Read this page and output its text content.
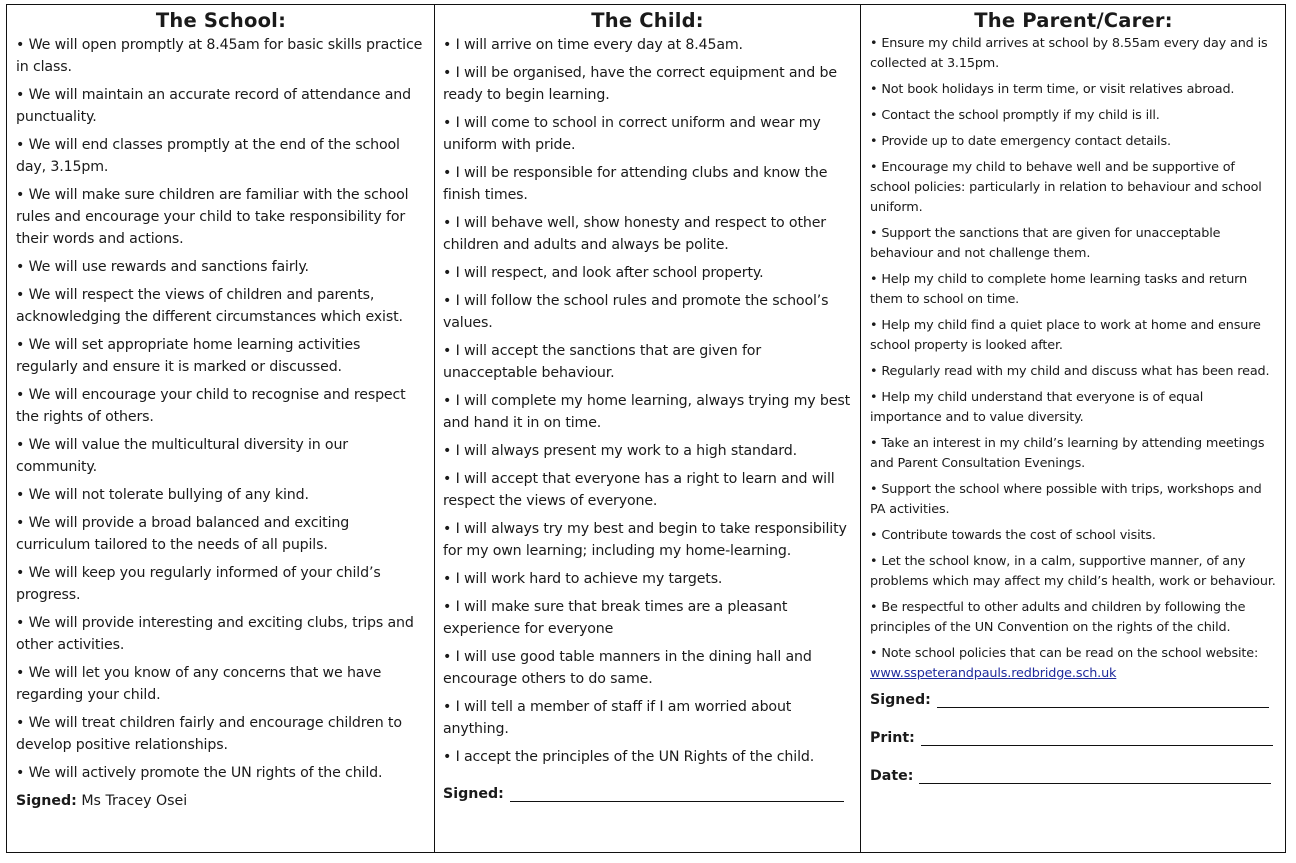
The School:
• We will open promptly at 8.45am for basic skills practice in class.
• We will maintain an accurate record of attendance and punctuality.
• We will end classes promptly at the end of the school day, 3.15pm.
• We will make sure children are familiar with the school rules and encourage your child to take responsibility for their words and actions.
• We will use rewards and sanctions fairly.
• We will respect the views of children and parents, acknowledging the different circumstances which exist.
• We will set appropriate home learning activities regularly and ensure it is marked or discussed.
• We will encourage your child to recognise and respect the rights of others.
• We will value the multicultural diversity in our community.
• We will not tolerate bullying of any kind.
• We will provide a broad balanced and exciting curriculum tailored to the needs of all pupils.
• We will keep you regularly informed of your child’s progress.
• We will provide interesting and exciting clubs, trips and other activities.
• We will let you know of any concerns that we have regarding your child.
• We will treat children fairly and encourage children to develop positive relationships.
• We will actively promote the UN rights of the child.
Signed: Ms Tracey Osei
The Child:
• I will arrive on time every day at 8.45am.
• I will be organised, have the correct equipment and be ready to begin learning.
• I will come to school in correct uniform and wear my uniform with pride.
• I will be responsible for attending clubs and know the finish times.
• I will behave well, show honesty and respect to other children and adults and always be polite.
• I will respect, and look after school property.
• I will follow the school rules and promote the school’s values.
• I will accept the sanctions that are given for unacceptable behaviour.
• I will complete my home learning, always trying my best and hand it in on time.
• I will always present my work to a high standard.
• I will accept that everyone has a right to learn and will respect the views of everyone.
• I will always try my best and begin to take responsibility for my own learning; including my home-learning.
• I will work hard to achieve my targets.
• I will make sure that break times are a pleasant experience for everyone
• I will use good table manners in the dining hall and encourage others to do same.
• I will tell a member of staff if I am worried about anything.
• I accept the principles of the UN Rights of the child.
Signed:
The Parent/Carer:
• Ensure my child arrives at school by 8.55am every day and is collected at 3.15pm.
• Not book holidays in term time, or visit relatives abroad.
• Contact the school promptly if my child is ill.
• Provide up to date emergency contact details.
• Encourage my child to behave well and be supportive of school policies: particularly in relation to behaviour and school uniform.
• Support the sanctions that are given for unacceptable behaviour and not challenge them.
• Help my child to complete home learning tasks and return them to school on time.
• Help my child find a quiet place to work at home and ensure school property is looked after.
• Regularly read with my child and discuss what has been read.
• Help my child understand that everyone is of equal importance and to value diversity.
• Take an interest in my child’s learning by attending meetings and Parent Consultation Evenings.
• Support the school where possible with trips, workshops and PA activities.
• Contribute towards the cost of school visits.
• Let the school know, in a calm, supportive manner, of any problems which may affect my child’s health, work or behaviour.
• Be respectful to other adults and children by following the principles of the UN Convention on the rights of the child.
• Note school policies that can be read on the school website:
www.sspeterandpauls.redbridge.sch.uk
Signed:
Print:
Date:
